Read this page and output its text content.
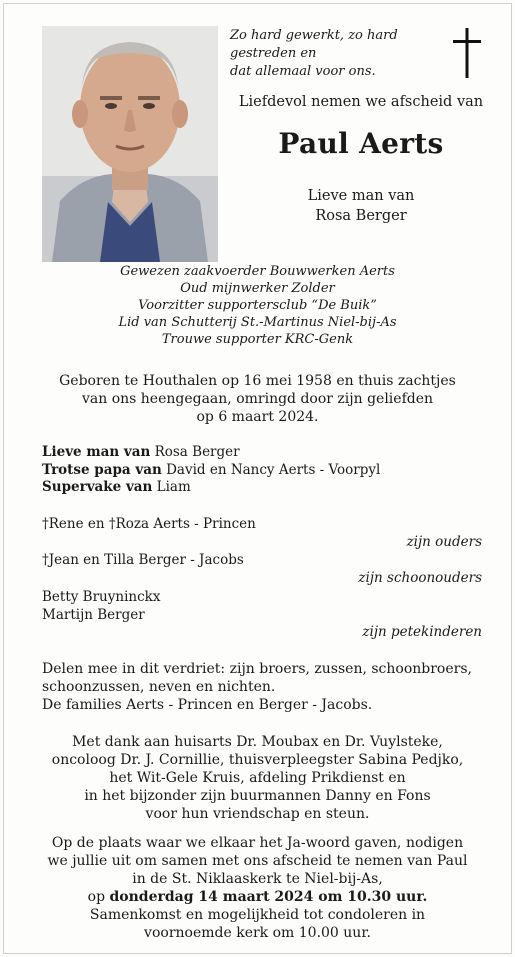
Zo hard gewerkt, zo hard
gestreden en
dat allemaal voor ons.
Liefdevol nemen we afscheid van
Paul Aerts
Lieve man van
Rosa Berger
Gewezen zaakvoerder Bouwwerken Aerts
Oud mijnwerker Zolder
Voorzitter supportersclub “De Buik”
Lid van Schutterij St.-Martinus Niel-bij-As
Trouwe supporter KRC-Genk
Geboren te Houthalen op 16 mei 1958 en thuis zachtjes
van ons heengegaan, omringd door zijn geliefden
op 6 maart 2024.
Lieve man van Rosa Berger
Trotse papa van David en Nancy Aerts - Voorpyl
Supervake van Liam
†Rene en †Roza Aerts - Princen
zijn ouders
†Jean en Tilla Berger - Jacobs
zijn schoonouders
Betty Bruyninckx
Martijn Berger
zijn petekinderen
Delen mee in dit verdriet: zijn broers, zussen, schoonbroers,
schoonzussen, neven en nichten.
De families Aerts - Princen en Berger - Jacobs.
Met dank aan huisarts Dr. Moubax en Dr. Vuylsteke,
oncoloog Dr. J. Cornillie, thuisverpleegster Sabina Pedjko,
het Wit-Gele Kruis, afdeling Prikdienst en
in het bijzonder zijn buurmannen Danny en Fons
voor hun vriendschap en steun.
Op de plaats waar we elkaar het Ja-woord gaven, nodigen
we jullie uit om samen met ons afscheid te nemen van Paul
in de St. Niklaaskerk te Niel-bij-As,
op donderdag 14 maart 2024 om 10.30 uur.
Samenkomst en mogelijkheid tot condoleren in
voornoemde kerk om 10.00 uur.
